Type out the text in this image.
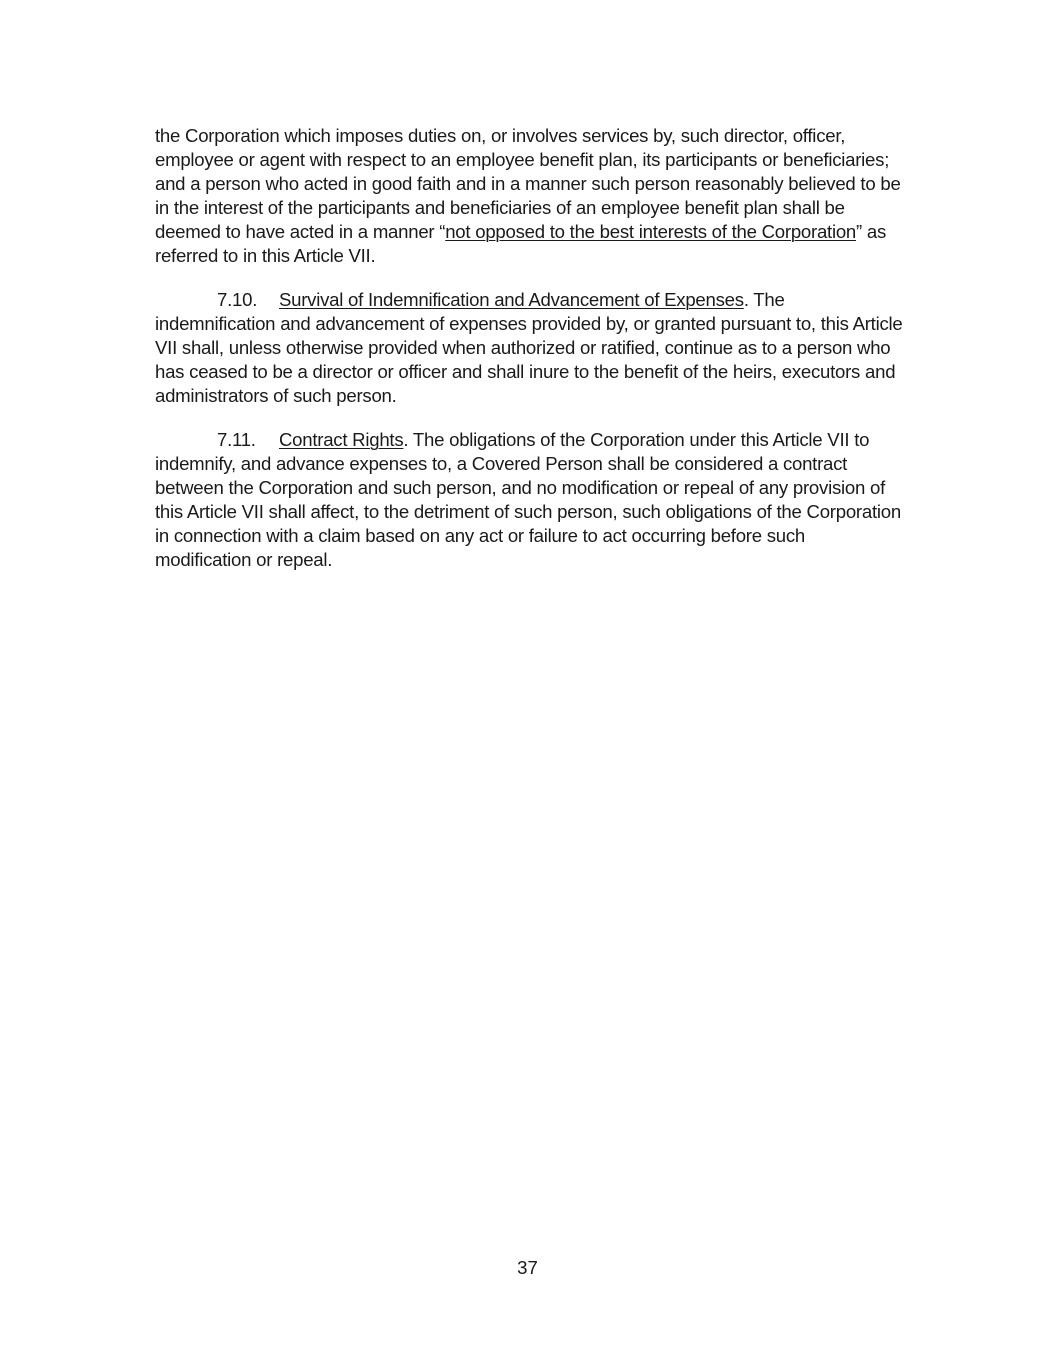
the Corporation which imposes duties on, or involves services by, such director, officer, employee or agent with respect to an employee benefit plan, its participants or beneficiaries; and a person who acted in good faith and in a manner such person reasonably believed to be in the interest of the participants and beneficiaries of an employee benefit plan shall be deemed to have acted in a manner “not opposed to the best interests of the Corporation” as referred to in this Article VII.

7.10. Survival of Indemnification and Advancement of Expenses. The indemnification and advancement of expenses provided by, or granted pursuant to, this Article VII shall, unless otherwise provided when authorized or ratified, continue as to a person who has ceased to be a director or officer and shall inure to the benefit of the heirs, executors and administrators of such person.

7.11. Contract Rights. The obligations of the Corporation under this Article VII to indemnify, and advance expenses to, a Covered Person shall be considered a contract between the Corporation and such person, and no modification or repeal of any provision of this Article VII shall affect, to the detriment of such person, such obligations of the Corporation in connection with a claim based on any act or failure to act occurring before such modification or repeal.

37
